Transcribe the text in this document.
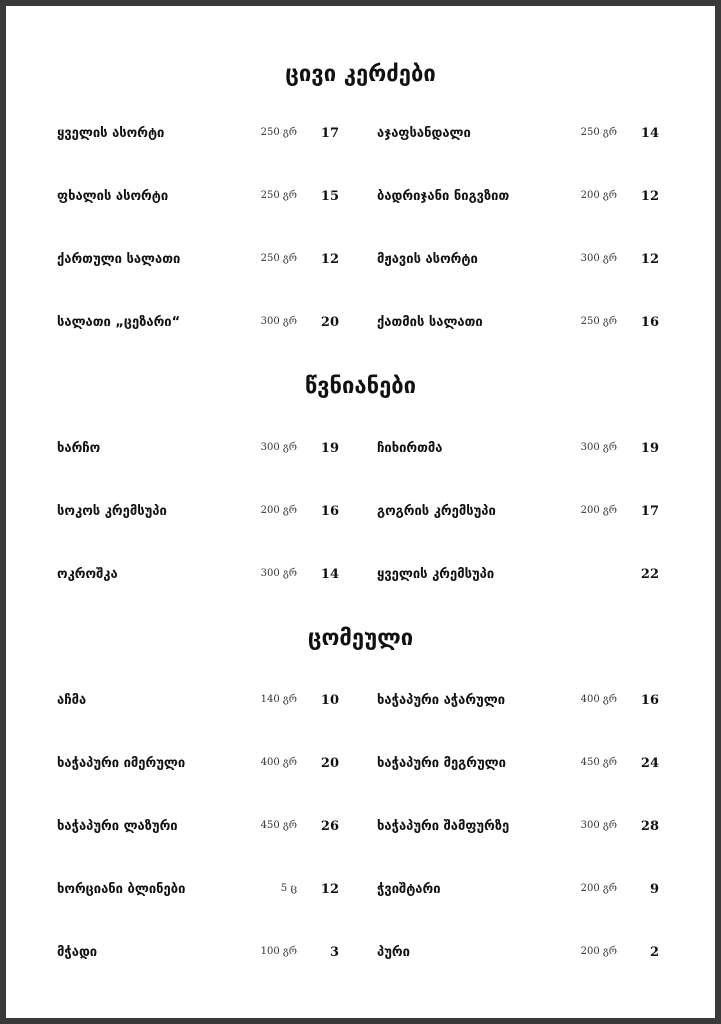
ცივი კერძები
ყველის ასორტი	250 გრ 17	აჯაფსანდალი	250 გრ 14
ფხალის ასორტი	250 გრ 15	ბადრიჯანი ნიგვზით	200 გრ 12
ქართული სალათი	250 გრ 12	მჟავის ასორტი	300 გრ 12
სალათი „ცეზარი“	300 გრ 20	ქათმის სალათი	250 გრ 16
წვნიანები
ხარჩო	300 გრ 19	ჩიხირთმა	300 გრ 19
სოკოს კრემსუპი	200 გრ 16	გოგრის კრემსუპი	200 გრ 17
ოკროშკა	300 გრ 14	ყველის კრემსუპი	22
ცომეული
აჩმა	140 გრ 10	ხაჭაპური აჭარული	400 გრ 16
ხაჭაპური იმერული	400 გრ 20	ხაჭაპური მეგრული	450 გრ 24
ხაჭაპური ლაზური	450 გრ 26	ხაჭაპური შამფურზე	300 გრ 28
ხორციანი ბლინები	5 ც 12	ჭვიშტარი	200 გრ	9
მჭადი	100 გრ	3	პური	200 გრ	2
